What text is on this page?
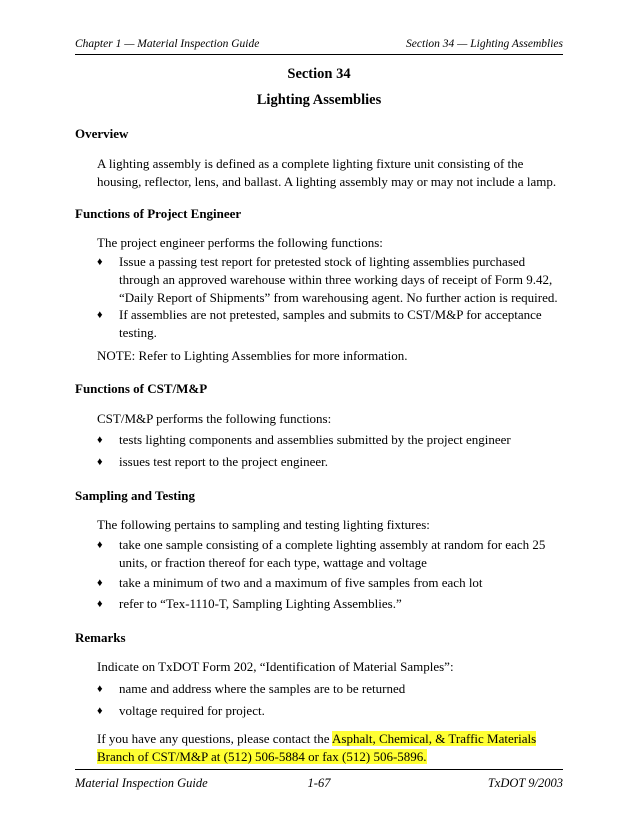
Chapter 1 — Material Inspection Guide	Section 34 — Lighting Assemblies
Section 34
Lighting Assemblies
Overview
A lighting assembly is defined as a complete lighting fixture unit consisting of the housing, reflector, lens, and ballast. A lighting assembly may or may not include a lamp.
Functions of Project Engineer
The project engineer performs the following functions:
♦ Issue a passing test report for pretested stock of lighting assemblies purchased through an approved warehouse within three working days of receipt of Form 9.42, “Daily Report of Shipments” from warehousing agent. No further action is required.
♦ If assemblies are not pretested, samples and submits to CST/M&P for acceptance testing.
NOTE: Refer to Lighting Assemblies for more information.
Functions of CST/M&P
CST/M&P performs the following functions:
♦ tests lighting components and assemblies submitted by the project engineer
♦ issues test report to the project engineer.
Sampling and Testing
The following pertains to sampling and testing lighting fixtures:
♦ take one sample consisting of a complete lighting assembly at random for each 25 units, or fraction thereof for each type, wattage and voltage
♦ take a minimum of two and a maximum of five samples from each lot
♦ refer to “Tex-1110-T, Sampling Lighting Assemblies.”
Remarks
Indicate on TxDOT Form 202, “Identification of Material Samples”:
♦ name and address where the samples are to be returned
♦ voltage required for project.
If you have any questions, please contact the Asphalt, Chemical, & Traffic Materials Branch of CST/M&P at (512) 506-5884 or fax (512) 506-5896.
Material Inspection Guide	1-67	TxDOT 9/2003
